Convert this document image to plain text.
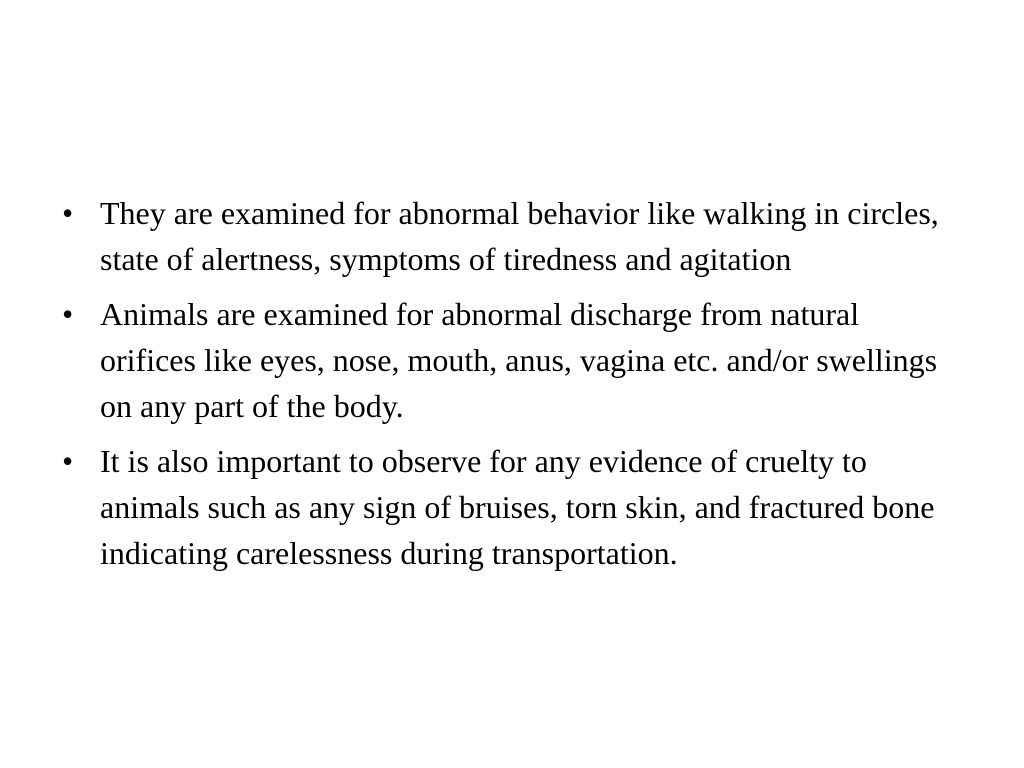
• They are examined for abnormal behavior like walking in circles, state of alertness, symptoms of tiredness and agitation
• Animals are examined for abnormal discharge from natural orifices like eyes, nose, mouth, anus, vagina etc. and/or swellings on any part of the body.
• It is also important to observe for any evidence of cruelty to animals such as any sign of bruises, torn skin, and fractured bone indicating carelessness during transportation.
